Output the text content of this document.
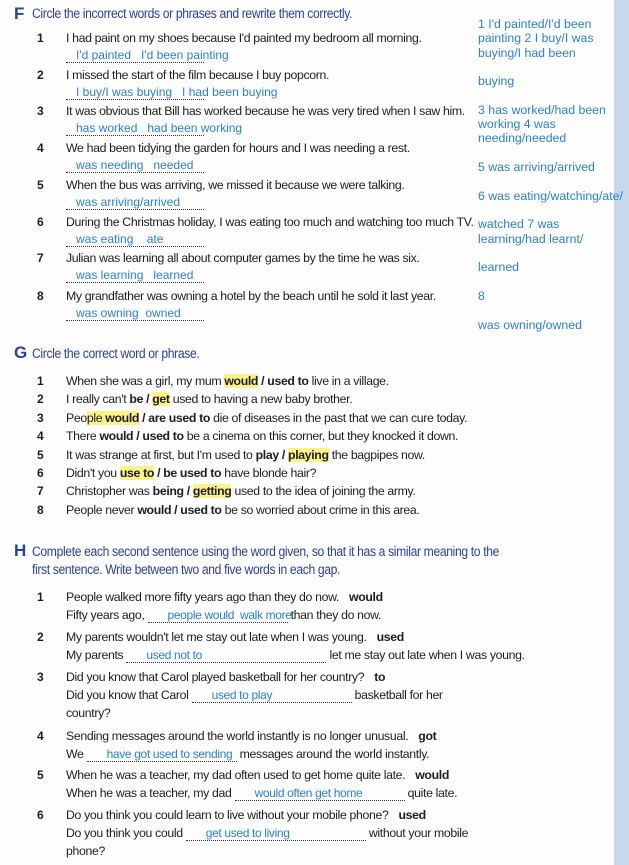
F Circle the incorrect words or phrases and rewrite them correctly.
1 I had paint on my shoes because I'd painted my bedroom all morning.
I'd painted   I'd been painting
2 I missed the start of the film because I buy popcorn.
I buy/I was buying   I had been buying
3 It was obvious that Bill has worked because he was very tired when I saw him.
has worked   had been working
4 We had been tidying the garden for hours and I was needing a rest.
was needing   needed
5 When the bus was arriving, we missed it because we were talking.
was arriving/arrived
6 During the Christmas holiday, I was eating too much and watching too much TV.
was eating    ate
7 Julian was learning all about computer games by the time he was six.
was learning   learned
8 My grandfather was owning a hotel by the beach until he sold it last year.
was owning  owned
1 I'd painted/I'd been
painting 2 I buy/I was
buying/I had been
buying
3 has worked/had been
working 4 was
needing/needed
5 was arriving/arrived
6 was eating/watching/ate/
watched 7 was
learning/had learnt/
learned
8
was owning/owned
G Circle the correct word or phrase.
1 When she was a girl, my mum would / used to live in a village.
2 I really can't be / get used to having a new baby brother.
3 People would / are used to die of diseases in the past that we can cure today.
4 There would / used to be a cinema on this corner, but they knocked it down.
5 It was strange at first, but I'm used to play / playing the bagpipes now.
6 Didn't you use to / be used to have blonde hair?
7 Christopher was being / getting used to the idea of joining the army.
8 People never would / used to be so worried about crime in this area.
H Complete each second sentence using the word given, so that it has a similar meaning to the
first sentence. Write between two and five words in each gap.
1 People walked more fifty years ago than they do now. would
Fifty years ago, people would  walk more than they do now.
2 My parents wouldn't let me stay out late when I was young. used
My parents used not to	let me stay out late when I was young.
3 Did you know that Carol played basketball for her country? to
Did you know that Carol used to play	basketball for her
country?
4 Sending messages around the world instantly is no longer unusual. got
We have got used to sending messages around the world instantly.
5 When he was a teacher, my dad often used to get home quite late. would
When he was a teacher, my dad would often get home	quite late.
6 Do you think you could learn to live without your mobile phone? used
Do you think you could get used to living	without your mobile
phone?
